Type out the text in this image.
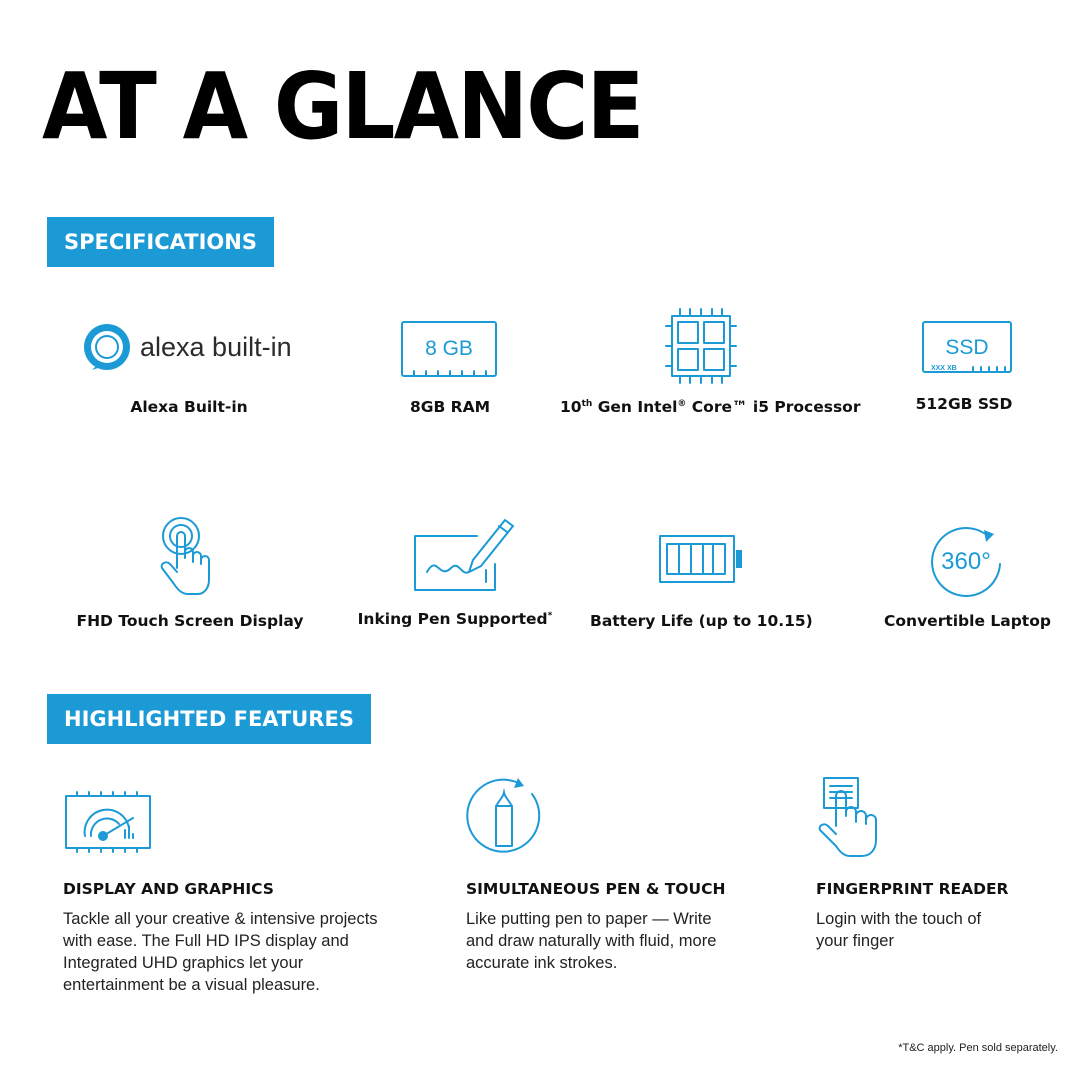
AT A GLANCE
SPECIFICATIONS
alexa built-in
Alexa Built-in
8 GB
8GB RAM	10th Gen Intel® Core™ i5 Processor
SSD
XXX XB
512GB SSD
FHD Touch Screen Display	Inking Pen Supported* Battery Life (up to 10.15)
360°
Convertible Laptop
HIGHLIGHTED FEATURES
DISPLAY AND GRAPHICS

Tackle all your creative & intensive projects
with ease. The Full HD IPS display and
Integrated UHD graphics let your
entertainment be a visual pleasure.

SIMULTANEOUS PEN & TOUCH

Like putting pen to paper — Write
and draw naturally with fluid, more
accurate ink strokes.

FINGERPRINT READER

Login with the touch of
your finger

*T&C apply. Pen sold separately.
